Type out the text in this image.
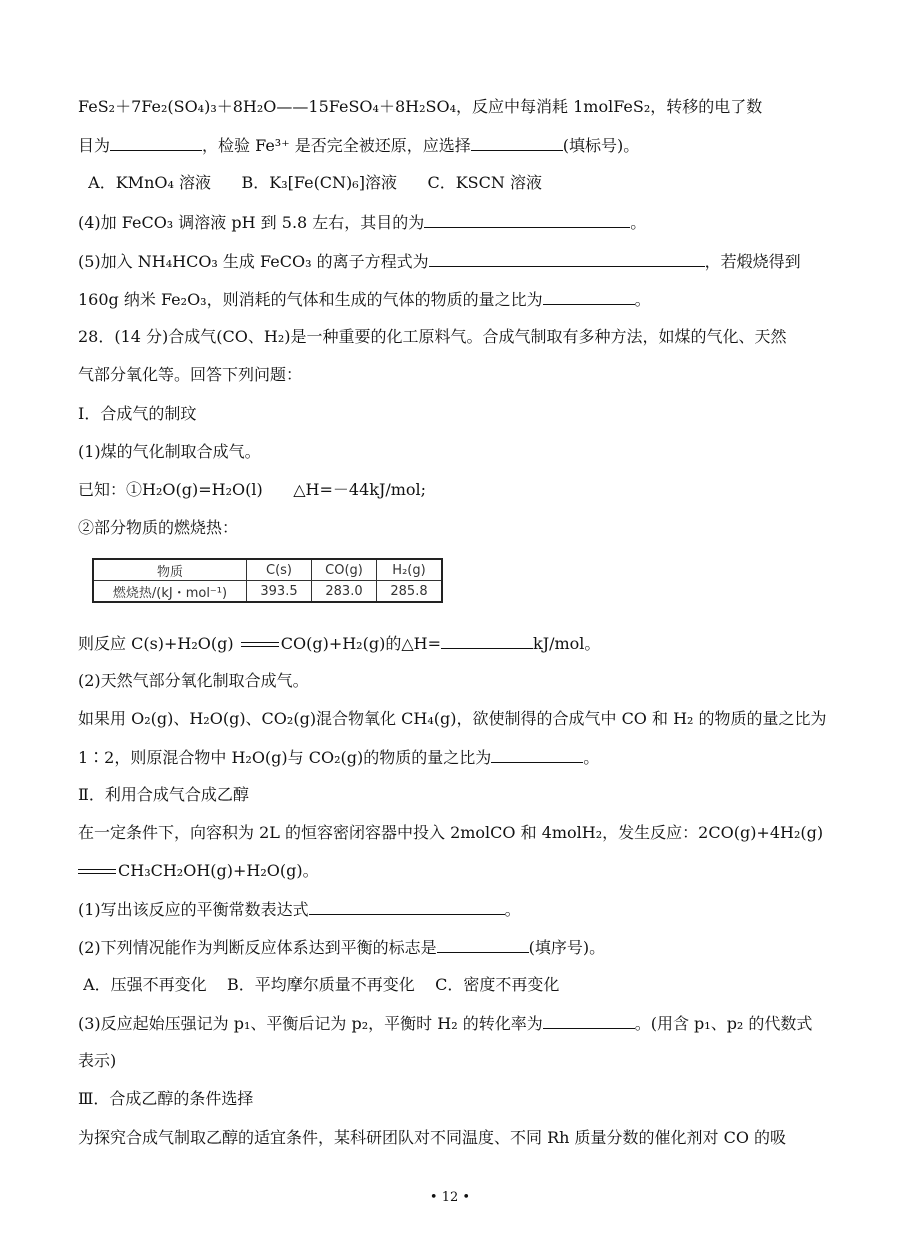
FeS₂＋7Fe₂(SO₄)₃＋8H₂O——15FeSO₄＋8H₂SO₄，反应中每消耗 1molFeS₂，转移的电了数
目为	，检验 Fe³⁺ 是否完全被还原，应选择	(填标号)。
A．KMnO₄ 溶液      B．K₃[Fe(CN)₆]溶液      C．KSCN 溶液
(4)加 FeCO₃ 调溶液 pH 到 5.8 左右，其目的为	。
(5)加入 NH₄HCO₃ 生成 FeCO₃ 的离子方程式为	，若煅烧得到
160g 纳米 Fe₂O₃，则消耗的气体和生成的气体的物质的量之比为	。
28．(14 分)合成气(CO、H₂)是一种重要的化工原料气。合成气制取有多种方法，如煤的气化、天然
气部分氧化等。回答下列问题：
I．合成气的制玟
(1)煤的气化制取合成气。
已知：①H₂O(g)=H₂O(l)      △H=－44kJ/mol;
②部分物质的燃烧热：
物质	C(s)	CO(g)	H₂(g)
燃烧热/(kJ・mol⁻¹)	393.5	283.0	285.8
则反应 C(s)+H₂O(g)	CO(g)+H₂(g)的△H=	kJ/mol。
(2)天然气部分氧化制取合成气。
如果用 O₂(g)、H₂O(g)、CO₂(g)混合物氧化 CH₄(g)，欲使制得的合成气中 CO 和 H₂ 的物质的量之比为
1∶2，则原混合物中 H₂O(g)与 CO₂(g)的物质的量之比为	。
Ⅱ．利用合成气合成乙醇
在一定条件下，向容积为 2L 的恒容密闭容器中投入 2molCO 和 4molH₂，发生反应：2CO(g)+4H₂(g)
CH₃CH₂OH(g)+H₂O(g)。
(1)写出该反应的平衡常数表达式	。
(2)下列情况能作为判断反应体系达到平衡的标志是	(填序号)。
A．压强不再变化    B．平均摩尔质量不再变化    C．密度不再变化
(3)反应起始压强记为 p₁、平衡后记为 p₂，平衡时 H₂ 的转化率为	。(用含 p₁、p₂ 的代数式
表示)
Ⅲ．合成乙醇的条件选择
为探究合成气制取乙醇的适宜条件，某科研团队对不同温度、不同 Rh 质量分数的催化剂对 CO 的吸
• 12 •
